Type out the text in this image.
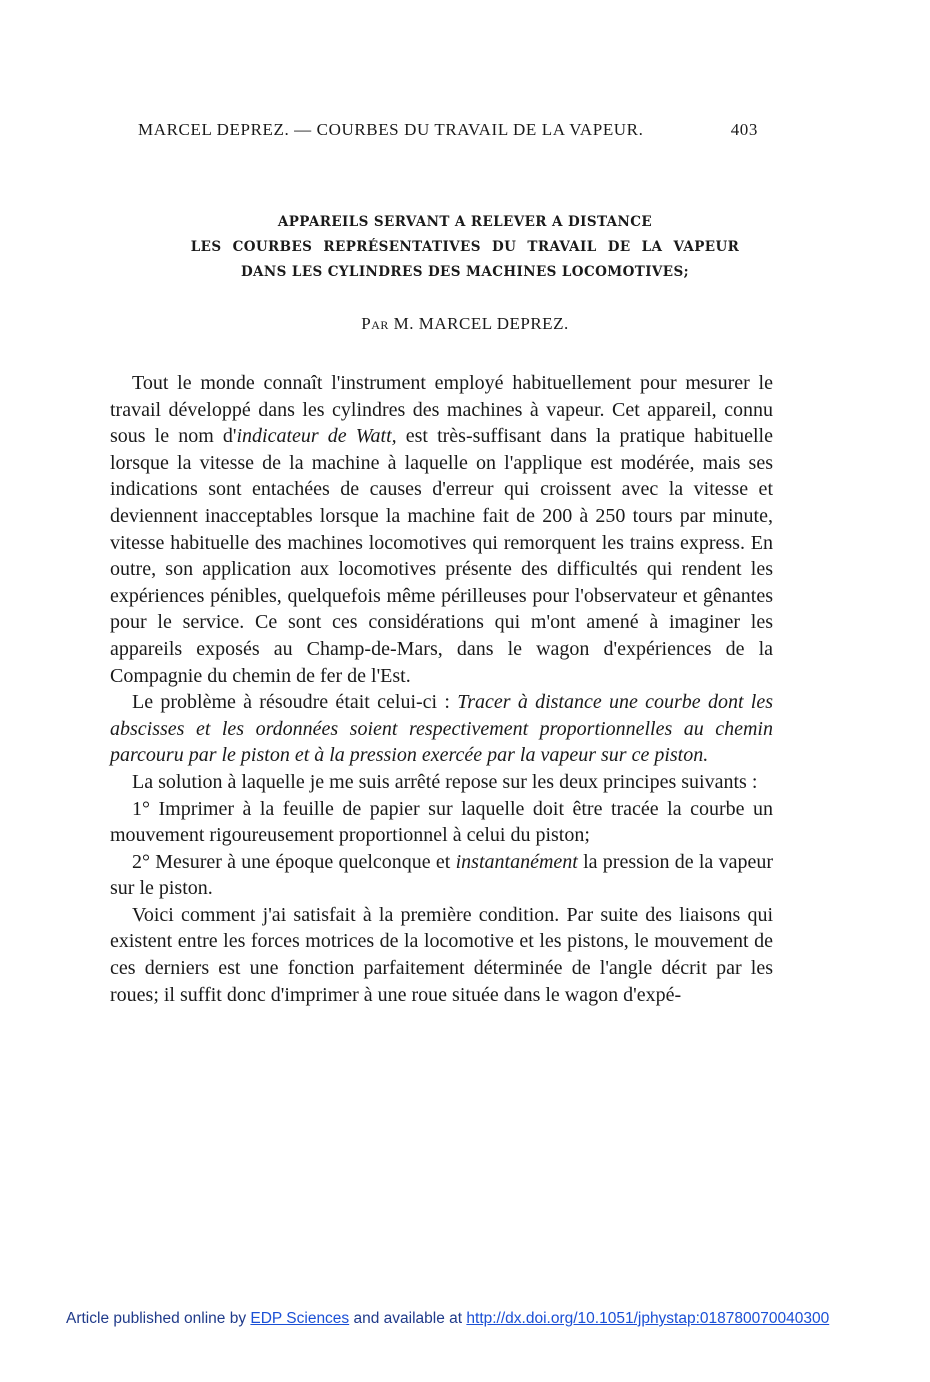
MARCEL DEPREZ. — COURBES DU TRAVAIL DE LA VAPEUR.	403
APPAREILS SERVANT A RELEVER A DISTANCE
LES COURBES REPRÉSENTATIVES DU TRAVAIL DE LA VAPEUR
DANS LES CYLINDRES DES MACHINES LOCOMOTIVES;
Par M. MARCEL DEPREZ.

Tout le monde connaît l'instrument employé habituellement pour mesurer le travail développé dans les cylindres des machines à vapeur. Cet appareil, connu sous le nom d'indicateur de Watt, est très-suffisant dans la pratique habituelle lorsque la vitesse de la machine à laquelle on l'applique est modérée, mais ses indications sont entachées de causes d'erreur qui croissent avec la vitesse et deviennent inacceptables lorsque la machine fait de 200 à 250 tours par minute, vitesse habituelle des machines locomotives qui remorquent les trains express. En outre, son application aux locomotives présente des difficultés qui rendent les expériences pénibles, quelquefois même périlleuses pour l'observateur et gênantes pour le service. Ce sont ces considérations qui m'ont amené à imaginer les appareils exposés au Champ-de-Mars, dans le wagon d'expériences de la Compagnie du chemin de fer de l'Est.

Le problème à résoudre était celui-ci : Tracer à distance une courbe dont les abscisses et les ordonnées soient respectivement proportionnelles au chemin parcouru par le piston et à la pression exercée par la vapeur sur ce piston.

La solution à laquelle je me suis arrêté repose sur les deux principes suivants :

1° Imprimer à la feuille de papier sur laquelle doit être tracée la courbe un mouvement rigoureusement proportionnel à celui du piston;

2° Mesurer à une époque quelconque et instantanément la pression de la vapeur sur le piston.

Voici comment j'ai satisfait à la première condition. Par suite des liaisons qui existent entre les forces motrices de la locomotive et les pistons, le mouvement de ces derniers est une fonction parfaitement déterminée de l'angle décrit par les roues; il suffit donc d'imprimer à une roue située dans le wagon d'expé-

Article published online by EDP Sciences and available at http://dx.doi.org/10.1051/jphystap:018780070040300
